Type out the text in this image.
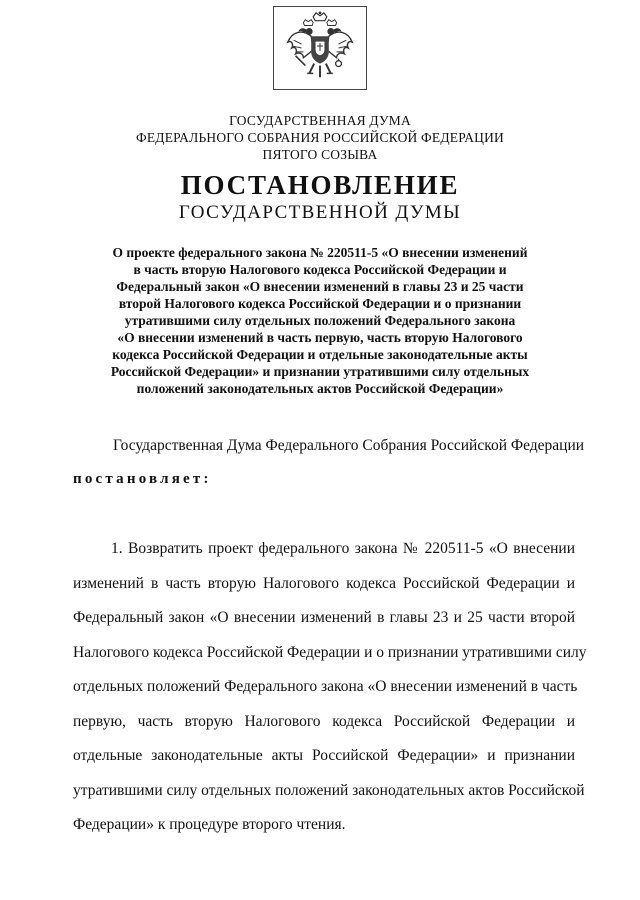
ГОСУДАРСТВЕННАЯ ДУМА
ФЕДЕРАЛЬНОГО СОБРАНИЯ РОССИЙСКОЙ ФЕДЕРАЦИИ
ПЯТОГО СОЗЫВА
ПОСТАНОВЛЕНИЕ
ГОСУДАРСТВЕННОЙ ДУМЫ
О проекте федерального закона № 220511-5 «О внесении изменений
в часть вторую Налогового кодекса Российской Федерации и
Федеральный закон «О внесении изменений в главы 23 и 25 части
второй Налогового кодекса Российской Федерации и о признании
утратившими силу отдельных положений Федерального закона
«О внесении изменений в часть первую, часть вторую Налогового
кодекса Российской Федерации и отдельные законодательные акты
Российской Федерации» и признании утратившими силу отдельных
положений законодательных актов Российской Федерации»
Государственная Дума Федерального Собрания Российской Федерации
постановляет:
1. Возвратить проект федерального закона № 220511-5 «О внесении
изменений в часть вторую Налогового кодекса Российской Федерации и
Федеральный закон «О внесении изменений в главы 23 и 25 части второй
Налогового кодекса Российской Федерации и о признании утратившими силу
отдельных положений Федерального закона «О внесении изменений в часть
первую, часть вторую Налогового кодекса Российской Федерации и
отдельные законодательные акты Российской Федерации» и признании
утратившими силу отдельных положений законодательных актов Российской
Федерации» к процедуре второго чтения.
